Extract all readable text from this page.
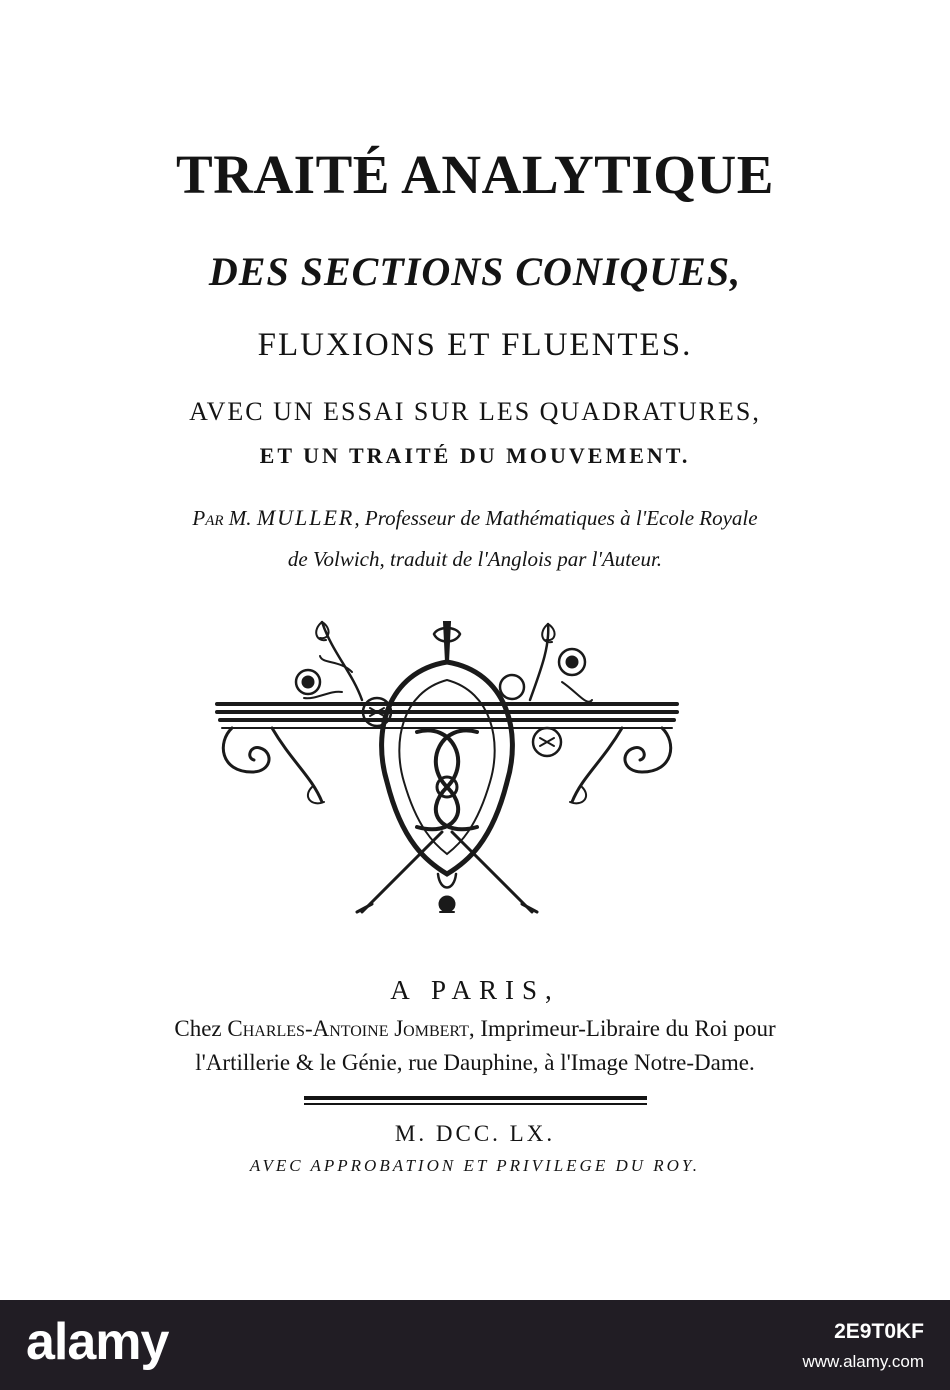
TRAITÉ ANALYTIQUE
DES SECTIONS CONIQUES,
FLUXIONS ET FLUENTES.
AVEC UN ESSAI SUR LES QUADRATURES,
ET UN TRAITÉ DU MOUVEMENT.
Par M. MULLER, Professeur de Mathématiques à l'Ecole Royale
de Volwich, traduit de l'Anglois par l'Auteur.
A PARIS,
Chez Charles-Antoine Jombert, Imprimeur-Libraire du Roi pour
l'Artillerie & le Génie, rue Dauphine, à l'Image Notre-Dame.
M. DCC. LX.
AVEC APPROBATION ET PRIVILEGE DU ROY.
alamy	2E9T0KF
www.alamy.com
